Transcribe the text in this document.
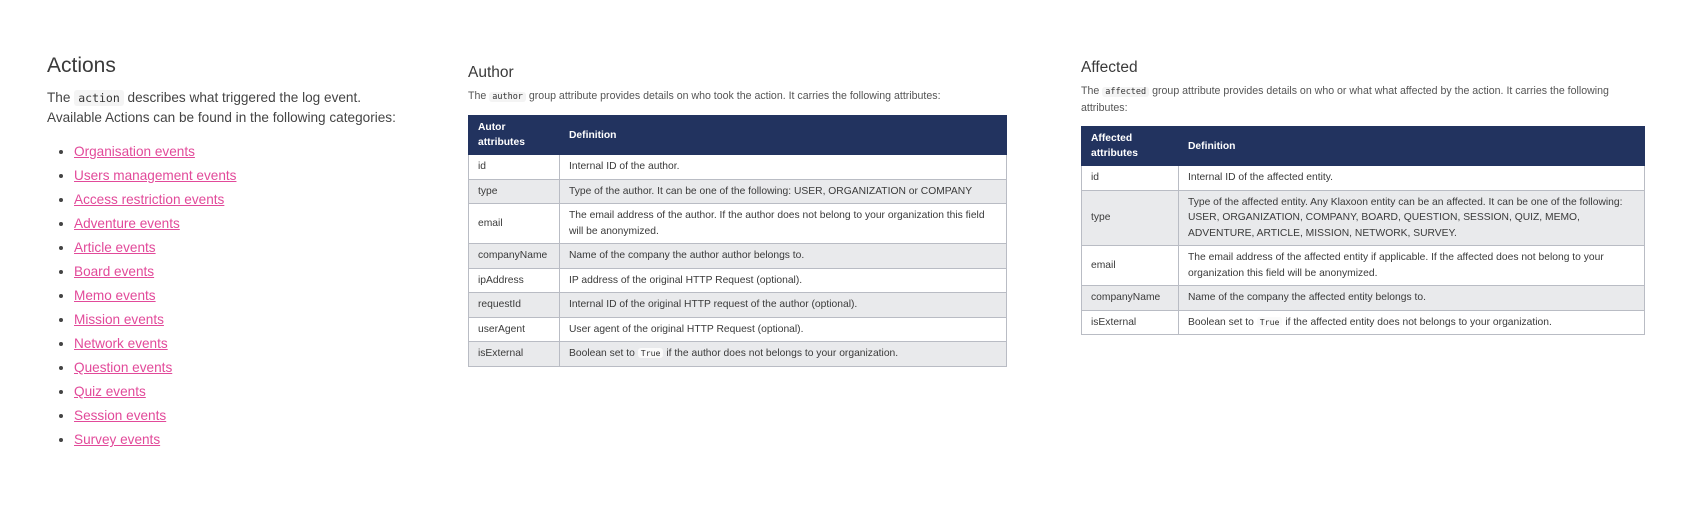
Actions

The action describes what triggered the log event.
Available Actions can be found in the following categories:

• Organisation events
• Users management events
• Access restriction events
• Adventure events
• Article events
• Board events
• Memo events
• Mission events
• Network events
• Question events
• Quiz events
• Session events
• Survey events
Author

The author group attribute provides details on who took the action. It carries the following attributes:

Autor attributes	Definition
id	Internal ID of the author.
type	Type of the author. It can be one of the following: USER, ORGANIZATION or COMPANY
email	The email address of the author. If the author does not belong to your organization this field will be anonymized.
companyName	Name of the company the author author belongs to.
ipAddress	IP address of the original HTTP Request (optional).
requestId	Internal ID of the original HTTP request of the author (optional).
userAgent	User agent of the original HTTP Request (optional).
isExternal	Boolean set to True if the author does not belongs to your organization.
Affected

The affected group attribute provides details on who or what what affected by the action. It carries the following attributes:

Affected attributes	Definition
id	Internal ID of the affected entity.
type	Type of the affected entity. Any Klaxoon entity can be an affected. It can be one of the following: USER, ORGANIZATION, COMPANY, BOARD, QUESTION, SESSION, QUIZ, MEMO, ADVENTURE, ARTICLE, MISSION, NETWORK, SURVEY.
email	The email address of the affected entity if applicable. If the affected does not belong to your organization this field will be anonymized.
companyName	Name of the company the affected entity belongs to.
isExternal	Boolean set to True if the affected entity does not belongs to your organization.
